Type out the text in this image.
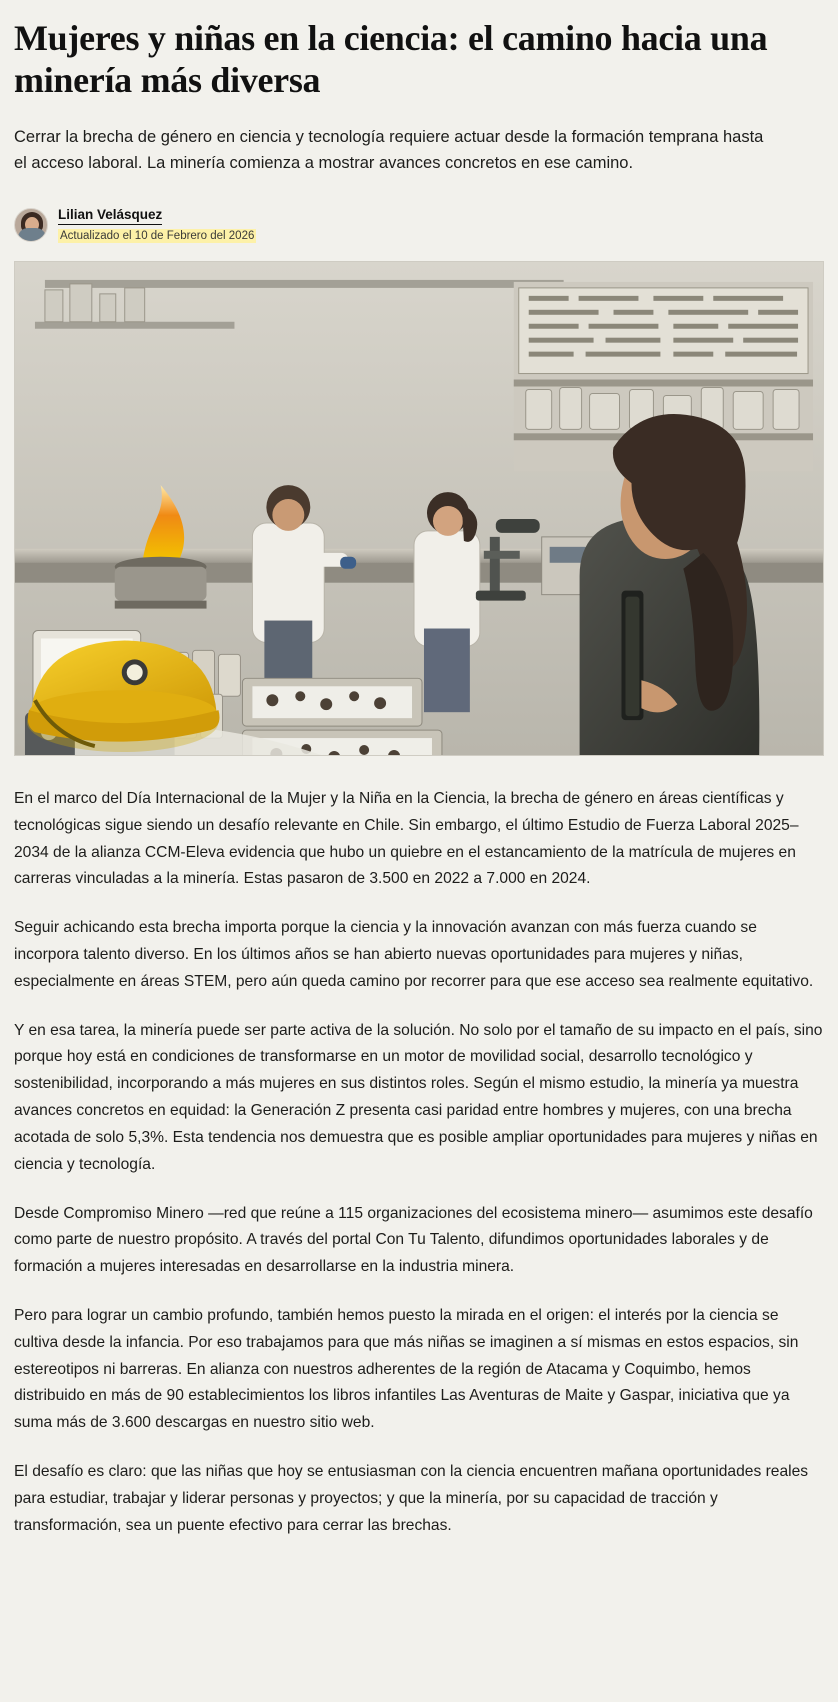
Mujeres y niñas en la ciencia: el camino hacia una minería más diversa

Cerrar la brecha de género en ciencia y tecnología requiere actuar desde la formación temprana hasta el acceso laboral. La minería comienza a mostrar avances concretos en ese camino.

Lilian Velásquez
Actualizado el 10 de Febrero del 2026

En el marco del Día Internacional de la Mujer y la Niña en la Ciencia, la brecha de género en áreas científicas y tecnológicas sigue siendo un desafío relevante en Chile. Sin embargo, el último Estudio de Fuerza Laboral 2025–2034 de la alianza CCM-Eleva evidencia que hubo un quiebre en el estancamiento de la matrícula de mujeres en carreras vinculadas a la minería. Estas pasaron de 3.500 en 2022 a 7.000 en 2024.

Seguir achicando esta brecha importa porque la ciencia y la innovación avanzan con más fuerza cuando se incorpora talento diverso. En los últimos años se han abierto nuevas oportunidades para mujeres y niñas, especialmente en áreas STEM, pero aún queda camino por recorrer para que ese acceso sea realmente equitativo.

Y en esa tarea, la minería puede ser parte activa de la solución. No solo por el tamaño de su impacto en el país, sino porque hoy está en condiciones de transformarse en un motor de movilidad social, desarrollo tecnológico y sostenibilidad, incorporando a más mujeres en sus distintos roles. Según el mismo estudio, la minería ya muestra avances concretos en equidad: la Generación Z presenta casi paridad entre hombres y mujeres, con una brecha acotada de solo 5,3%. Esta tendencia nos demuestra que es posible ampliar oportunidades para mujeres y niñas en ciencia y tecnología.

Desde Compromiso Minero —red que reúne a 115 organizaciones del ecosistema minero— asumimos este desafío como parte de nuestro propósito. A través del portal Con Tu Talento, difundimos oportunidades laborales y de formación a mujeres interesadas en desarrollarse en la industria minera.

Pero para lograr un cambio profundo, también hemos puesto la mirada en el origen: el interés por la ciencia se cultiva desde la infancia. Por eso trabajamos para que más niñas se imaginen a sí mismas en estos espacios, sin estereotipos ni barreras. En alianza con nuestros adherentes de la región de Atacama y Coquimbo, hemos distribuido en más de 90 establecimientos los libros infantiles Las Aventuras de Maite y Gaspar, iniciativa que ya suma más de 3.600 descargas en nuestro sitio web.

El desafío es claro: que las niñas que hoy se entusiasman con la ciencia encuentren mañana oportunidades reales para estudiar, trabajar y liderar personas y proyectos; y que la minería, por su capacidad de tracción y transformación, sea un puente efectivo para cerrar las brechas.
